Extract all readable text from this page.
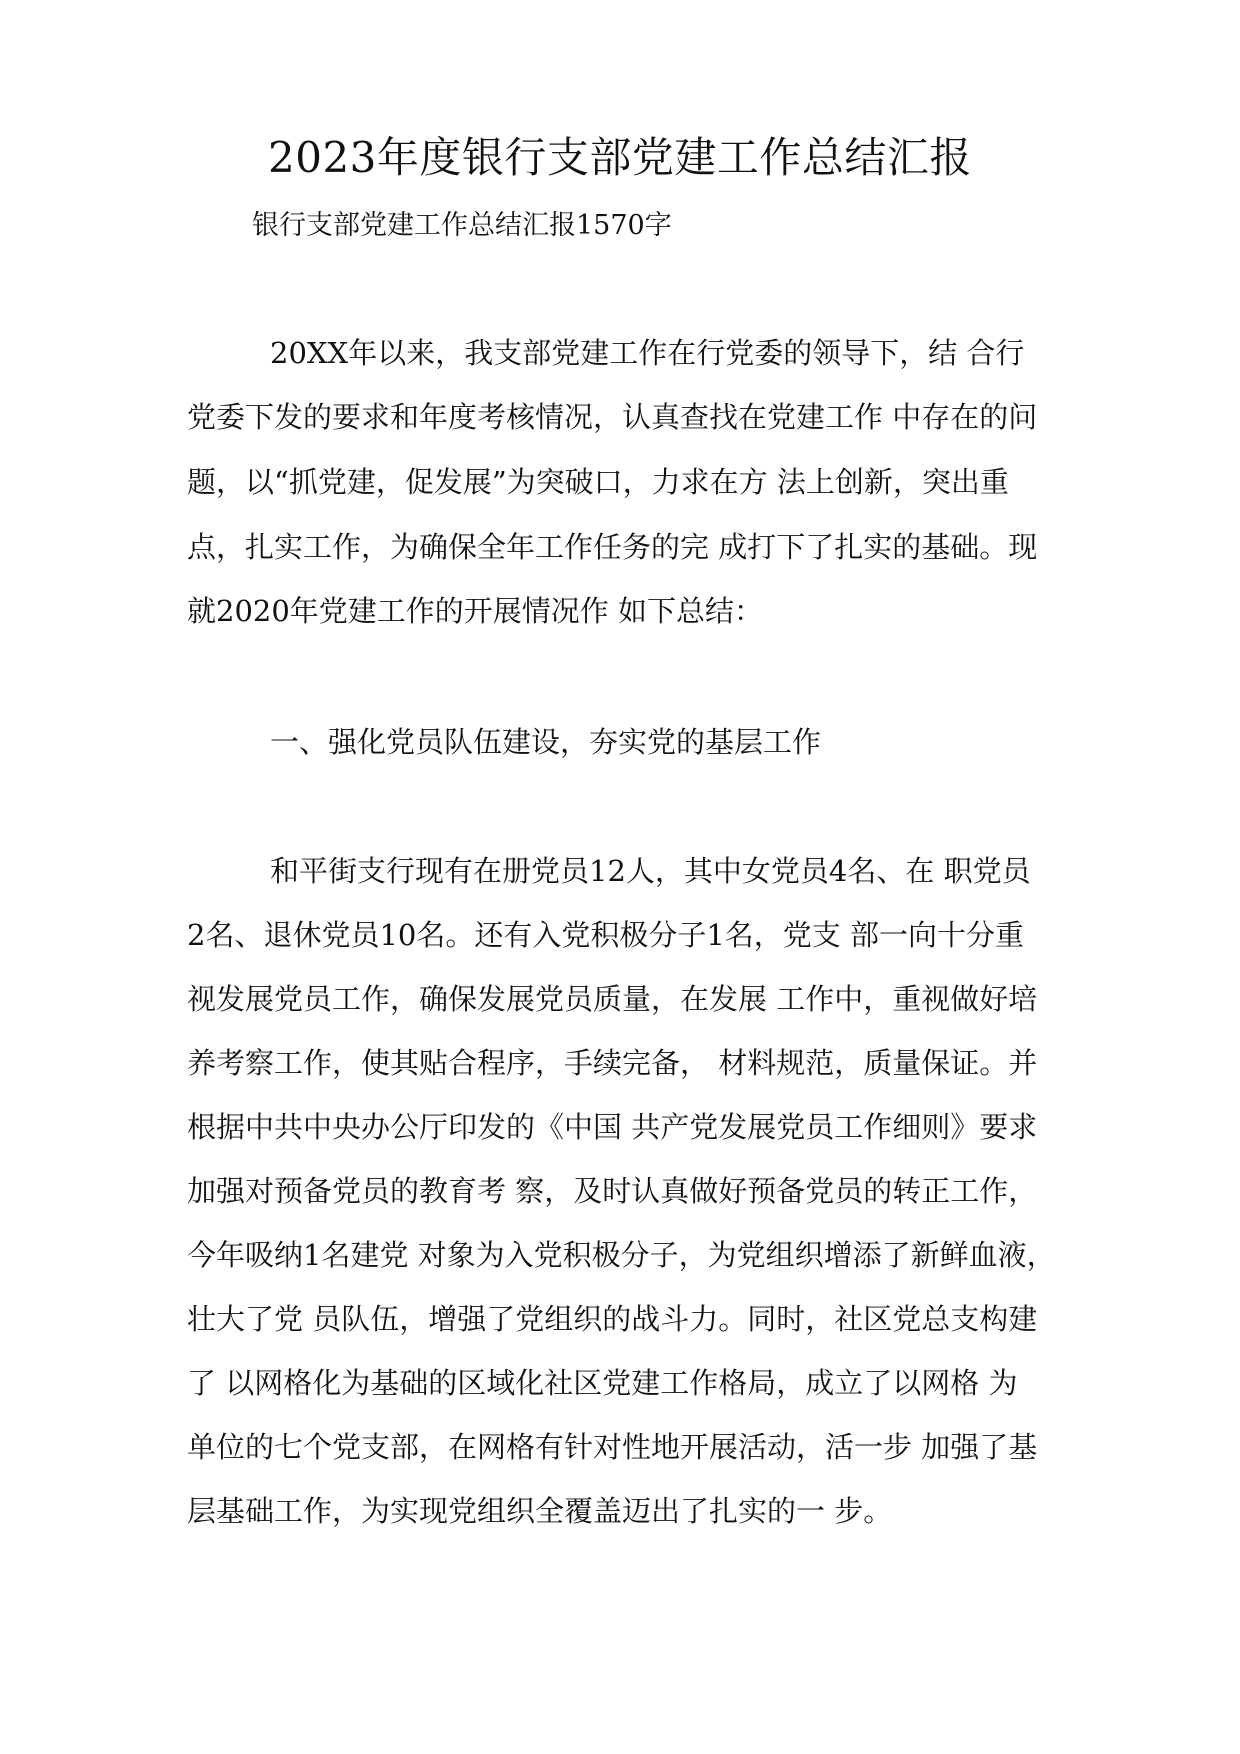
2023年度银行支部党建工作总结汇报
银行支部党建工作总结汇报1570字
20XX年以来，我支部党建工作在行党委的领导下，结 合行
党委下发的要求和年度考核情况，认真查找在党建工作 中存在的问
题，以“抓党建，促发展”为突破口，力求在方 法上创新，突出重
点，扎实工作，为确保全年工作任务的完 成打下了扎实的基础。现
就2020年党建工作的开展情况作 如下总结：
一、强化党员队伍建设，夯实党的基层工作
和平街支行现有在册党员12人，其中女党员4名、在 职党员
2名、退休党员10名。还有入党积极分子1名，党支 部一向十分重
视发展党员工作，确保发展党员质量，在发展 工作中，重视做好培
养考察工作，使其贴合程序，手续完备， 材料规范，质量保证。并
根据中共中央办公厅印发的《中国 共产党发展党员工作细则》要求
加强对预备党员的教育考 察，及时认真做好预备党员的转正工作，
今年吸纳1名建党 对象为入党积极分子，为党组织增添了新鲜血液，
壮大了党 员队伍，增强了党组织的战斗力。同时，社区党总支构建
了 以网格化为基础的区域化社区党建工作格局，成立了以网格 为
单位的七个党支部，在网格有针对性地开展活动，活一步 加强了基
层基础工作，为实现党组织全覆盖迈出了扎实的一 步。
